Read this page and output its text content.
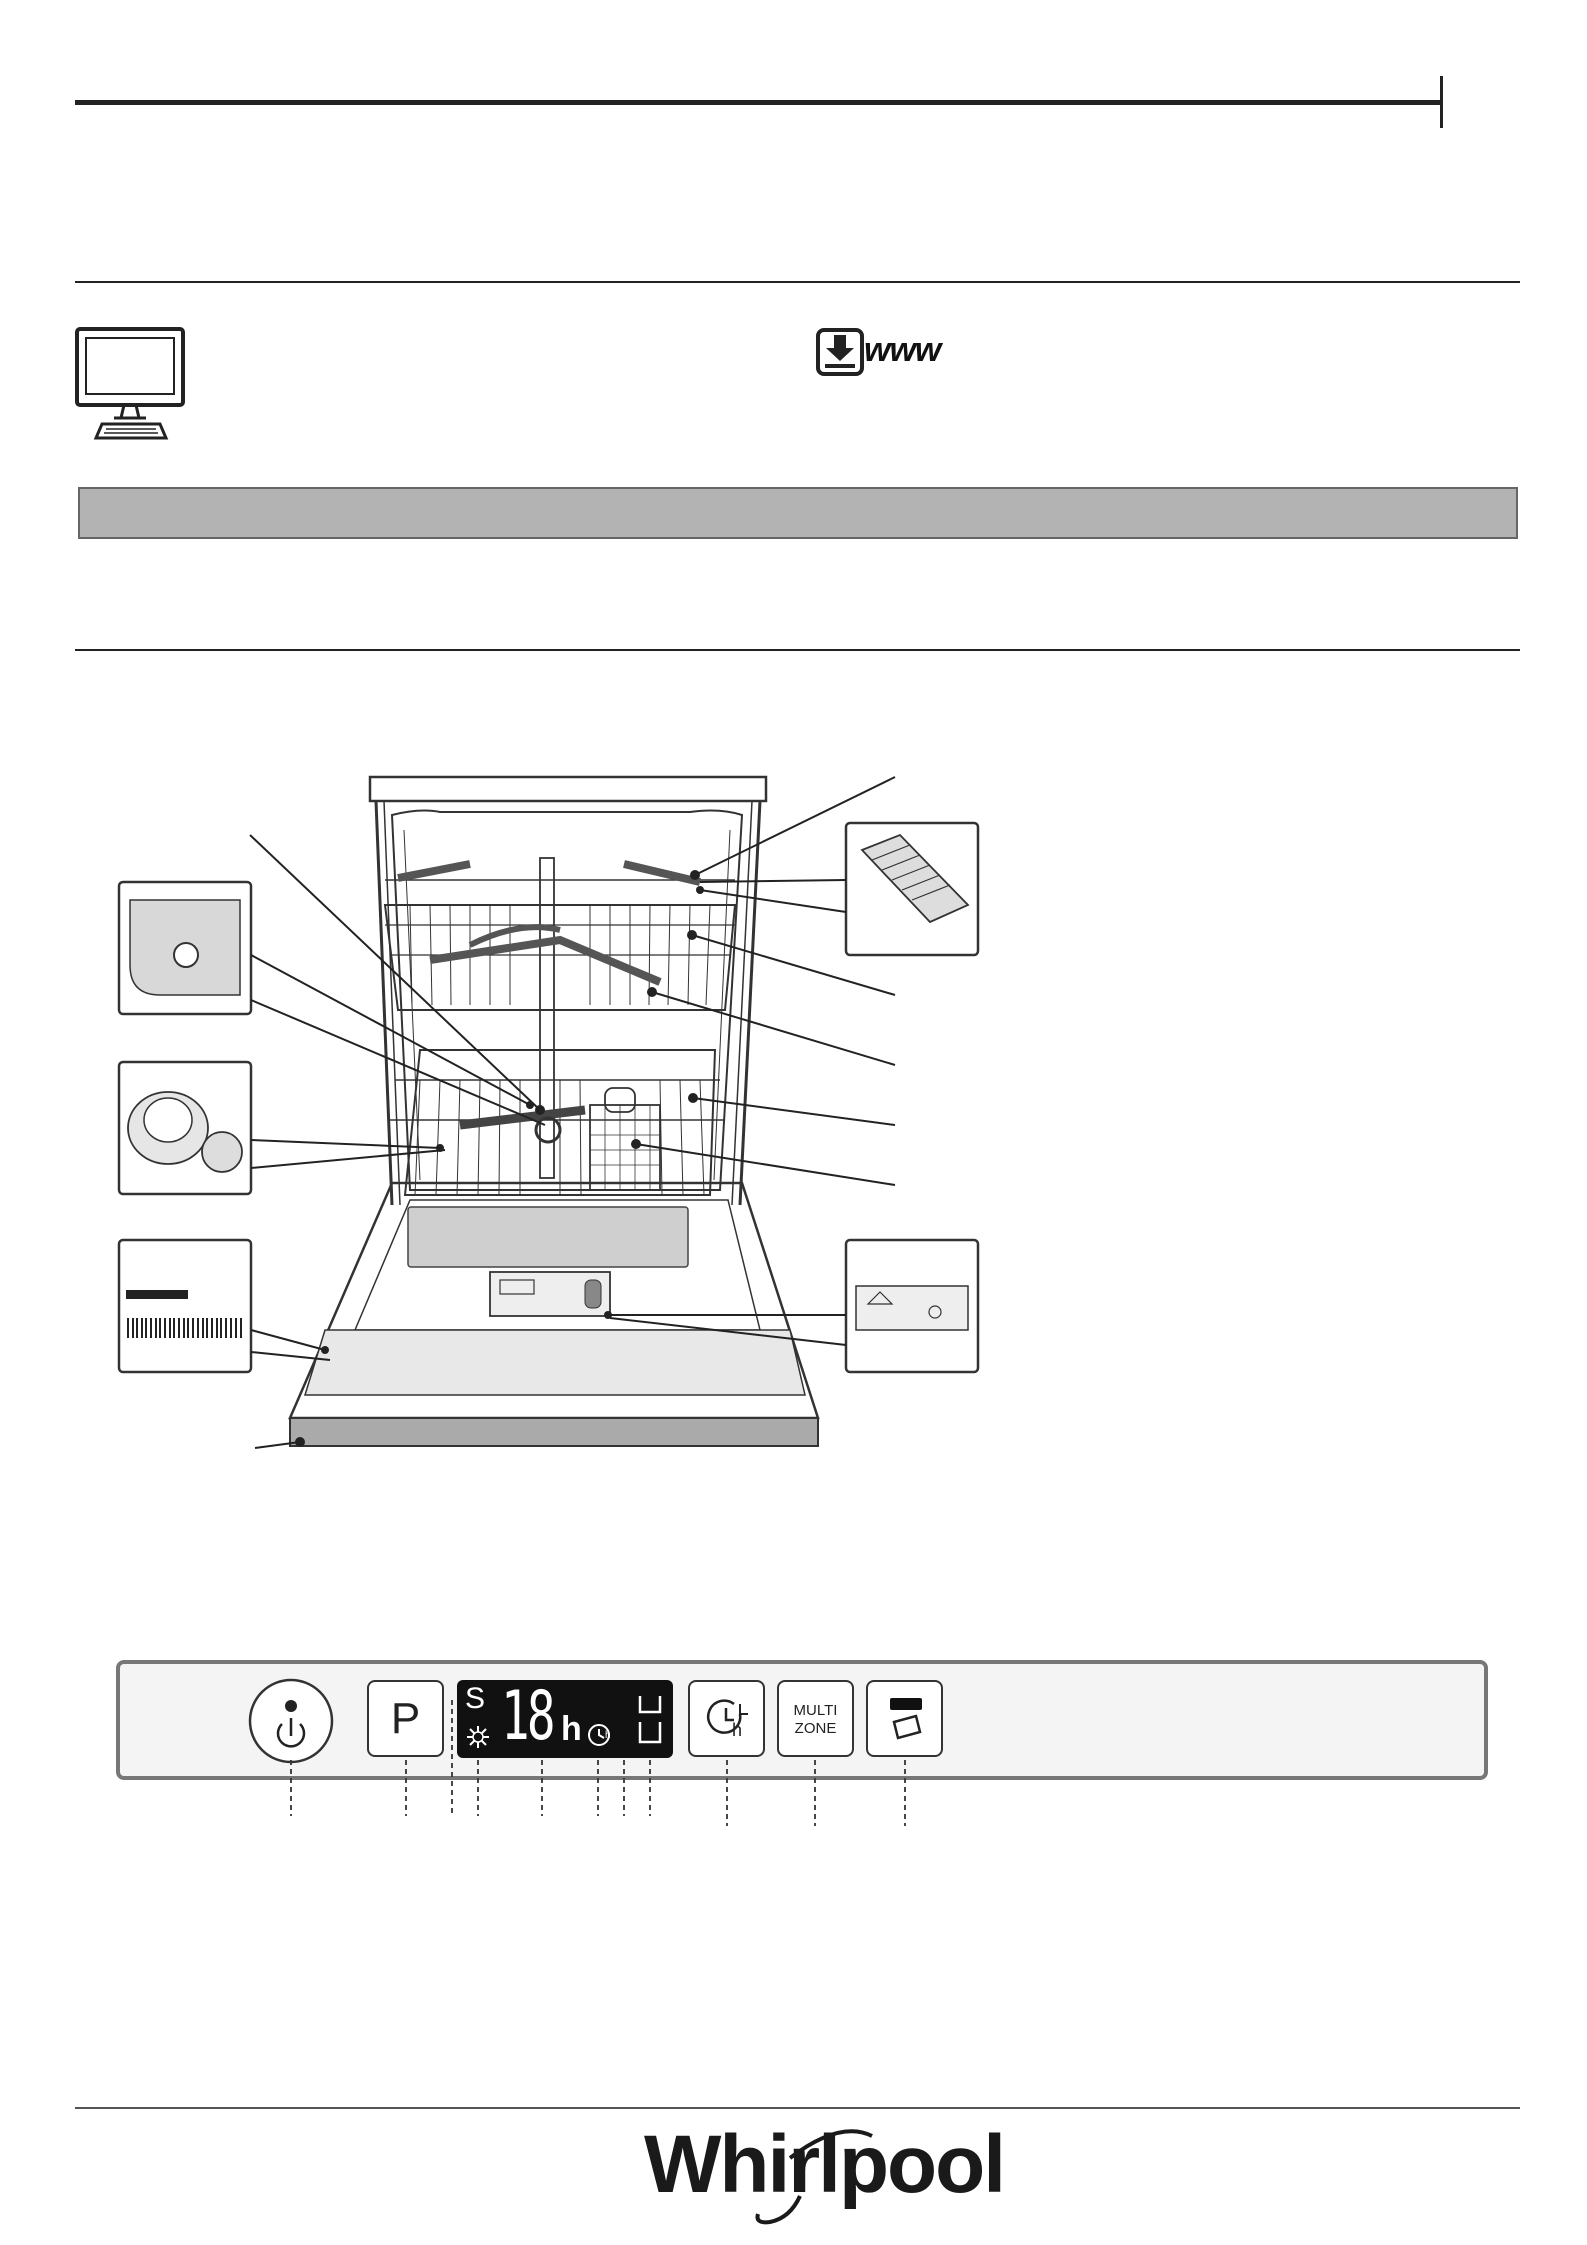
www
P S 18 h h	h
MULTI
ZONE
Whirlpool
